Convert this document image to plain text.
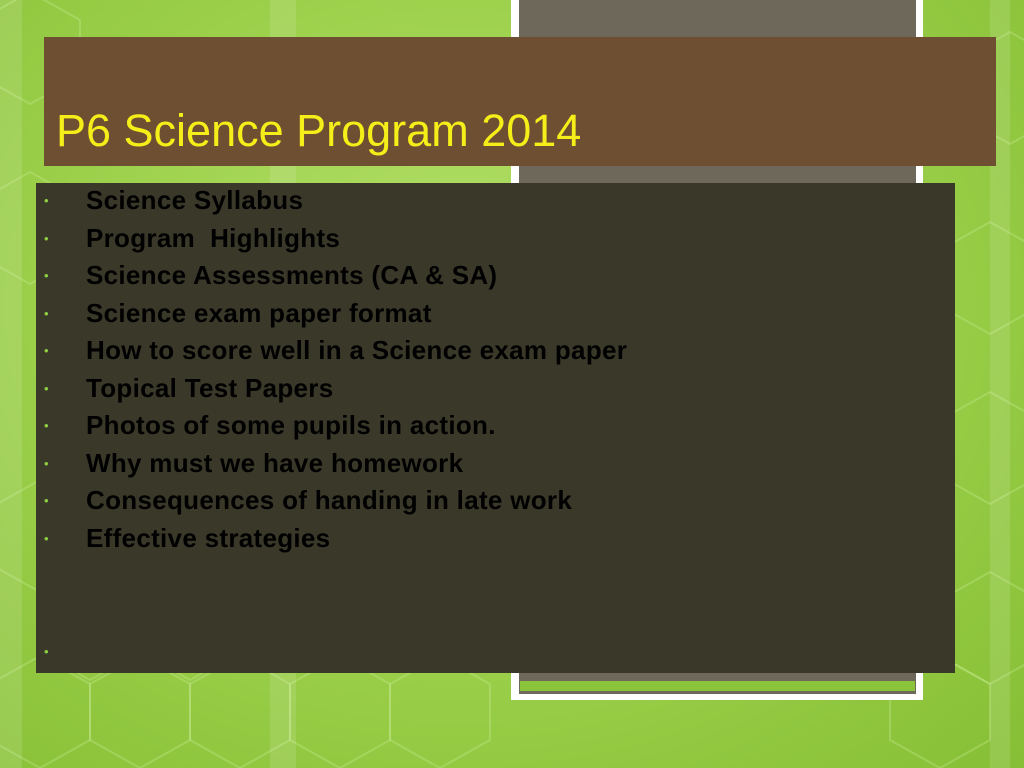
P6 Science Program 2014
•	Science Syllabus
•	Program  Highlights
•	Science Assessments (CA & SA)
•	Science exam paper format
•	How to score well in a Science exam paper
•	Topical Test Papers
•	Photos of some pupils in action.
•	Why must we have homework
•	Consequences of handing in late work
•	Effective strategies
•
